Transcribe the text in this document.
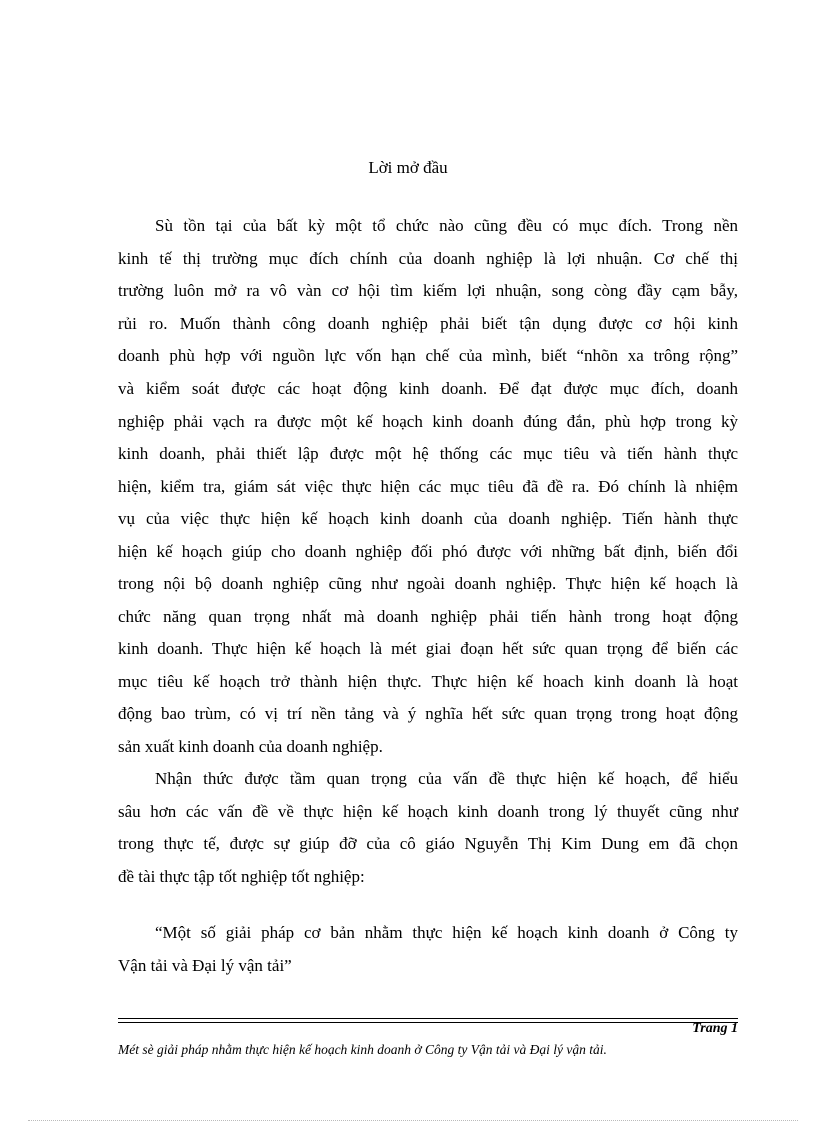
Lời mở đầu
Sù tồn tại của bất kỳ một tổ chức nào cũng đều có mục đích. Trong nền
kinh tế thị trường mục đích chính của doanh nghiệp là lợi nhuận. Cơ chế thị
trường luôn mở ra vô vàn cơ hội tìm kiếm lợi nhuận, song còng đầy cạm bẫy,
rủi ro. Muốn thành công doanh nghiệp phải biết tận dụng được cơ hội kinh
doanh phù hợp với nguồn lực vốn hạn chế của mình, biết “nhõn xa trông rộng”
và kiểm soát được các hoạt động kinh doanh. Để đạt được mục đích, doanh
nghiệp phải vạch ra được một kế hoạch kinh doanh đúng đắn, phù hợp trong kỳ
kinh doanh, phải thiết lập được một hệ thống các mục tiêu và tiến hành thực
hiện, kiểm tra, giám sát việc thực hiện các mục tiêu đã đề ra. Đó chính là nhiệm
vụ của việc thực hiện kế hoạch kinh doanh của doanh nghiệp. Tiến hành thực
hiện kế hoạch giúp cho doanh nghiệp đối phó được với những bất định, biến đổi
trong nội bộ doanh nghiệp cũng như ngoài doanh nghiệp. Thực hiện kế hoạch là
chức năng quan trọng nhất mà doanh nghiệp phải tiến hành trong hoạt động
kinh doanh. Thực hiện kế hoạch là mét giai đoạn hết sức quan trọng để biến các
mục tiêu kế hoạch trở thành hiện thực. Thực hiện kế hoach kinh doanh là hoạt
động bao trùm, có vị trí nền tảng và ý nghĩa hết sức quan trọng trong hoạt động
sản xuất kinh doanh của doanh nghiệp.
Nhận thức được tầm quan trọng của vấn đề thực hiện kế hoạch, để hiểu
sâu hơn các vấn đề về thực hiện kế hoạch kinh doanh trong lý thuyết cũng như
trong thực tế, được sự giúp đỡ của cô giáo Nguyễn Thị Kim Dung em đã chọn
đề tài thực tập tốt nghiệp tốt nghiệp:
“Một số giải pháp cơ bản nhằm thực hiện kế hoạch kinh doanh ở Công ty
Vận tải và Đại lý vận tải”
Trang 1
Mét sè giải pháp nhằm thực hiện kế hoạch kinh doanh ở Công ty Vận tải và Đại lý vận tải.
